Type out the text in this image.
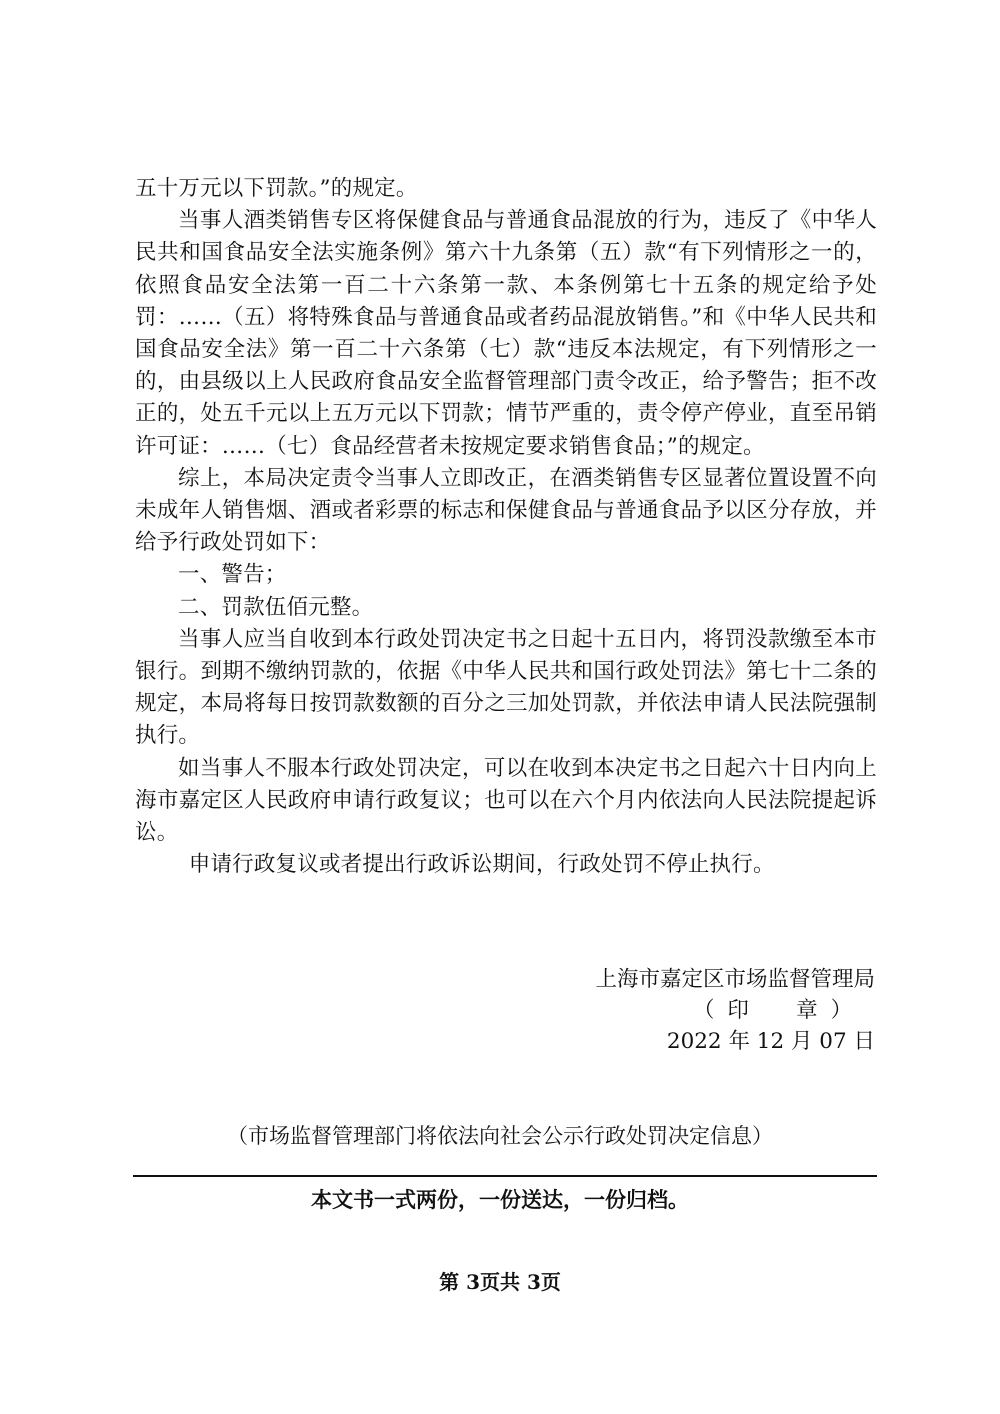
五十万元以下罚款。”的规定。

当事人酒类销售专区将保健食品与普通食品混放的行为，违反了《中华人民共和国食品安全法实施条例》第六十九条第（五）款“有下列情形之一的，依照食品安全法第一百二十六条第一款、本条例第七十五条的规定给予处罚：……（五）将特殊食品与普通食品或者药品混放销售。”和《中华人民共和国食品安全法》第一百二十六条第（七）款“违反本法规定，有下列情形之一的，由县级以上人民政府食品安全监督管理部门责令改正，给予警告；拒不改正的，处五千元以上五万元以下罚款；情节严重的，责令停产停业，直至吊销许可证：……（七）食品经营者未按规定要求销售食品；”的规定。

综上，本局决定责令当事人立即改正，在酒类销售专区显著位置设置不向未成年人销售烟、酒或者彩票的标志和保健食品与普通食品予以区分存放，并给予行政处罚如下：

一、警告；

二、罚款伍佰元整。

当事人应当自收到本行政处罚决定书之日起十五日内，将罚没款缴至本市银行。到期不缴纳罚款的，依据《中华人民共和国行政处罚法》第七十二条的规定，本局将每日按罚款数额的百分之三加处罚款，并依法申请人民法院强制执行。

如当事人不服本行政处罚决定，可以在收到本决定书之日起六十日内向上海市嘉定区人民政府申请行政复议；也可以在六个月内依法向人民法院提起诉讼。

申请行政复议或者提出行政诉讼期间，行政处罚不停止执行。

上海市嘉定区市场监督管理局
（印　章）
2022 年 12 月 07 日
（市场监督管理部门将依法向社会公示行政处罚决定信息）
本文书一式两份，一份送达，一份归档。
第 3页共 3页
